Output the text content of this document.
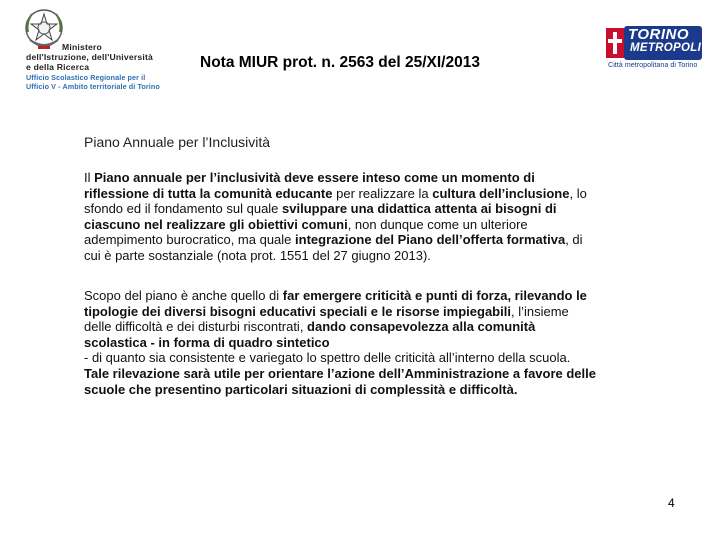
Ministero
dell'Istruzione, dell'Università
e della Ricerca
Ufficio Scolastico Regionale per il
Ufficio V - Ambito territoriale di Torino
Nota MIUR prot. n. 2563 del 25/XI/2013
TORINO
METROPOLI
Città metropolitana di Torino
Piano Annuale per l’Inclusività
Il Piano annuale per l’inclusività deve essere inteso come un momento di
riflessione di tutta la comunità educante per realizzare la cultura dell’inclusione, lo
sfondo ed il fondamento sul quale sviluppare una didattica attenta ai bisogni di
ciascuno nel realizzare gli obiettivi comuni, non dunque come un ulteriore
adempimento burocratico, ma quale integrazione del Piano dell’offerta formativa, di
cui è parte sostanziale (nota prot. 1551 del 27 giugno 2013).
Scopo del piano è anche quello di far emergere criticità e punti di forza, rilevando le
tipologie dei diversi bisogni educativi speciali e le risorse impiegabili, l’insieme
delle difficoltà e dei disturbi riscontrati, dando consapevolezza alla comunità
scolastica - in forma di quadro sintetico
- di quanto sia consistente e variegato lo spettro delle criticità all’interno della scuola.
Tale rilevazione sarà utile per orientare l’azione dell’Amministrazione a favore delle
scuole che presentino particolari situazioni di complessità e difficoltà.
4
